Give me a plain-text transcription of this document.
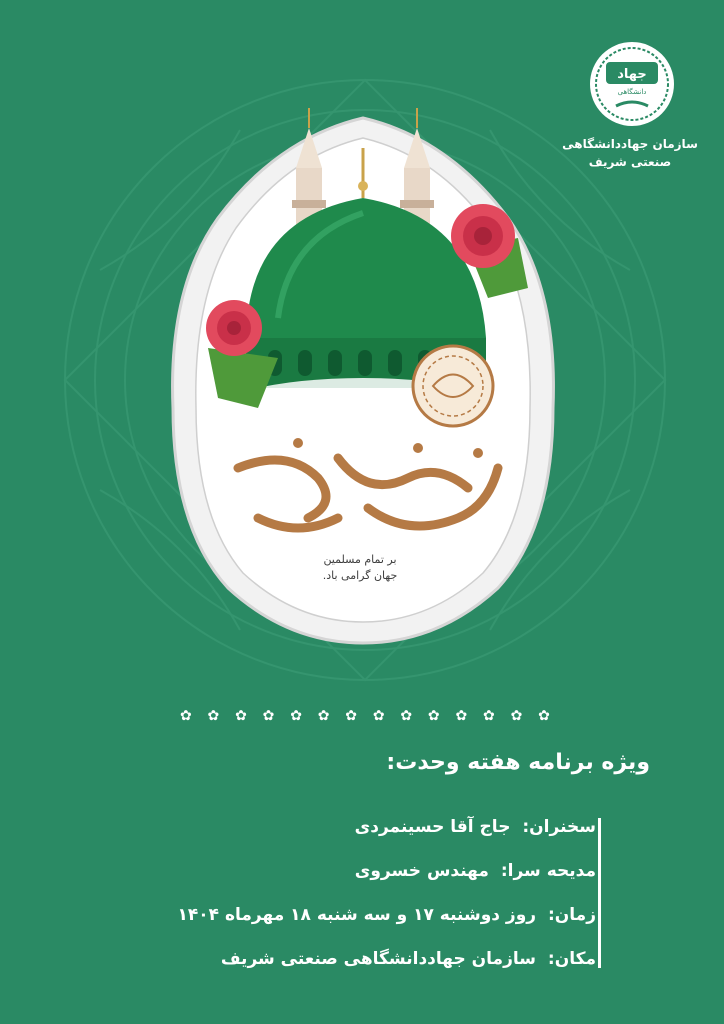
جهاد
دانشگاهی
سازمان جهاددانشگاهی
صنعتی شریف
بر تمام مسلمین
جهان گرامی باد.
✿ ✿ ✿ ✿ ✿ ✿ ✿ ✿ ✿ ✿ ✿ ✿ ✿ ✿
ویژه برنامه هفته وحدت:
سخنران: جاج آقا حسینمردی
مدیحه سرا: مهندس خسروی
زمان: روز دوشنبه ۱۷ و سه شنبه ۱۸ مهرماه ۱۴۰۴
مکان: سازمان جهاددانشگاهی صنعتی شریف
